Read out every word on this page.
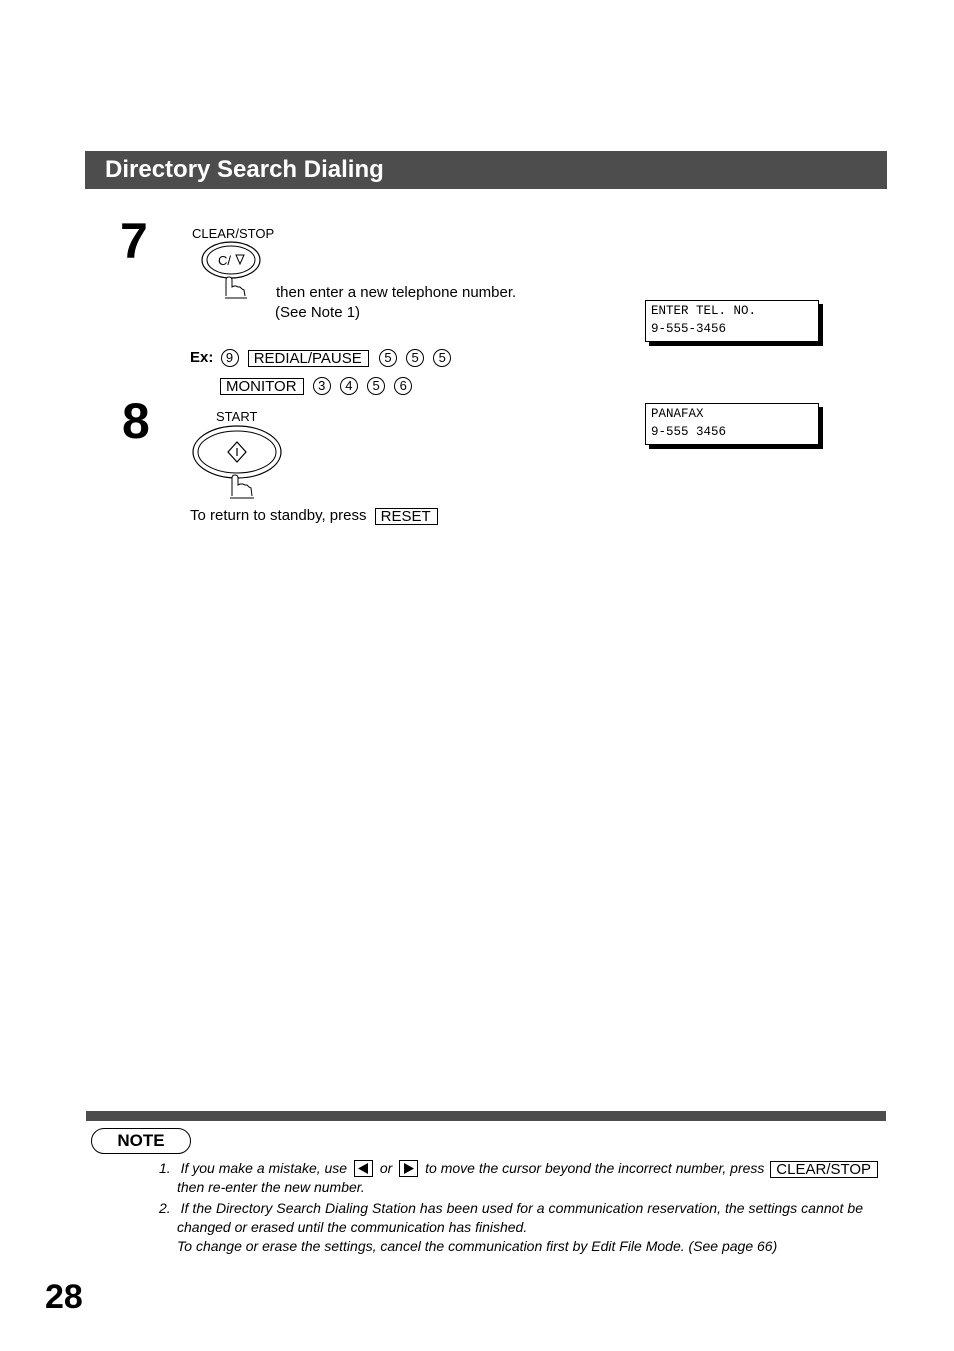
Directory Search Dialing
7	CLEAR/STOP
C/
then enter a new telephone number.
(See Note 1)
Ex: 9 REDIAL/PAUSE 5 5 5
MONITOR 3 4 5 6
ENTER TEL. NO.
9-555-3456
8	START	PANAFAX
9-555 3456
To return to standby, press RESET
NOTE
1. If you make a mistake, use or to move the cursor beyond the incorrect number, press CLEAR/STOP
then re-enter the new number.
2. If the Directory Search Dialing Station has been used for a communication reservation, the settings cannot be
changed or erased until the communication has finished.
To change or erase the settings, cancel the communication first by Edit File Mode. (See page 66)
28
